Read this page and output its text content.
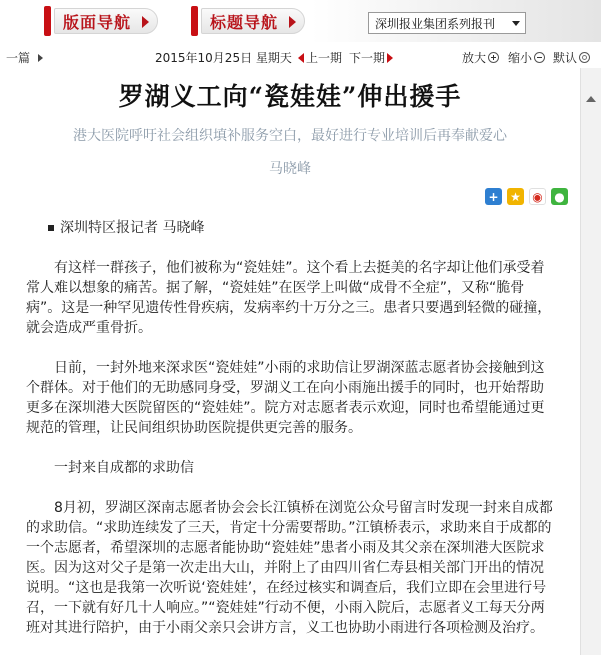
版面导航	标题导航	深圳报业集团系列报刊
一篇	2015年10月25日 星期天 上一期 下一期	放大 缩小 默认
罗湖义工向“瓷娃娃”伸出援手
港大医院呼吁社会组织填补服务空白，最好进行专业培训后再奉献爱心
马晓峰
+ ★ ◉ ●

深圳特区报记者 马晓峰

有这样一群孩子，他们被称为“瓷娃娃”。这个看上去挺美的名字却让他们承受着常人难以想象的痛苦。据了解，“瓷娃娃”在医学上叫做“成骨不全症”，又称“脆骨病”。这是一种罕见遗传性骨疾病，发病率约十万分之三。患者只要遇到轻微的碰撞，就会造成严重骨折。

日前，一封外地来深求医“瓷娃娃”小雨的求助信让罗湖深蓝志愿者协会接触到这个群体。对于他们的无助感同身受，罗湖义工在向小雨施出援手的同时，也开始帮助更多在深圳港大医院留医的“瓷娃娃”。院方对志愿者表示欢迎，同时也希望能通过更规范的管理，让民间组织协助医院提供更完善的服务。

一封来自成都的求助信

8月初，罗湖区深南志愿者协会会长江镇桥在浏览公众号留言时发现一封来自成都的求助信。“求助连续发了三天，肯定十分需要帮助。”江镇桥表示，求助来自于成都的一个志愿者，希望深圳的志愿者能协助“瓷娃娃”患者小雨及其父亲在深圳港大医院求医。因为这对父子是第一次走出大山，并附上了由四川省仁寿县相关部门开出的情况说明。“这也是我第一次听说‘瓷娃娃’，在经过核实和调查后，我们立即在会里进行号召，一下就有好几十人响应。”“瓷娃娃”行动不便，小雨入院后，志愿者义工每天分两班对其进行陪护，由于小雨父亲只会讲方言，义工也协助小雨进行各项检测及治疗。
